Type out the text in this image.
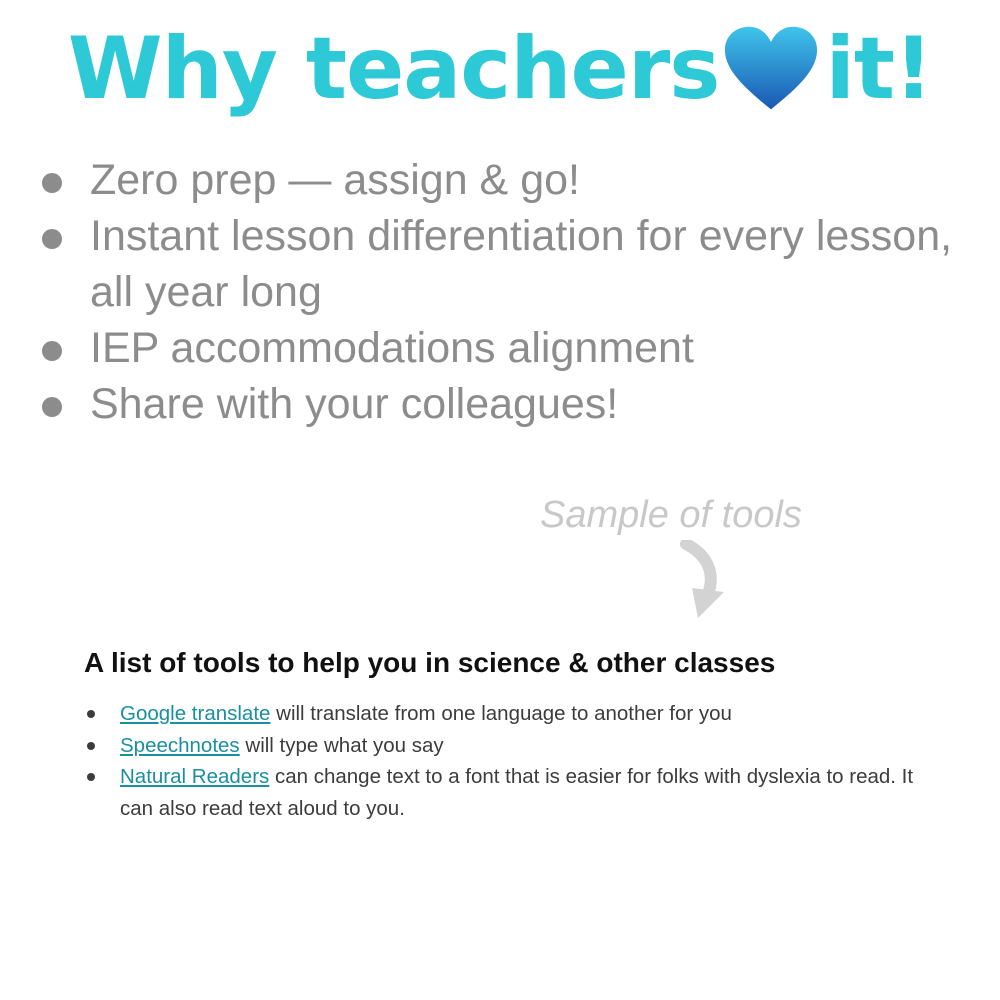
Why teachers it!
Zero prep — assign & go!
Instant lesson differentiation for every lesson, all year long
IEP accommodations alignment
Share with your colleagues!
Sample of tools
A list of tools to help you in science & other classes
Google translate will translate from one language to another for you
Speechnotes will type what you say
Natural Readers can change text to a font that is easier for folks with dyslexia to read. It can also read text aloud to you.
